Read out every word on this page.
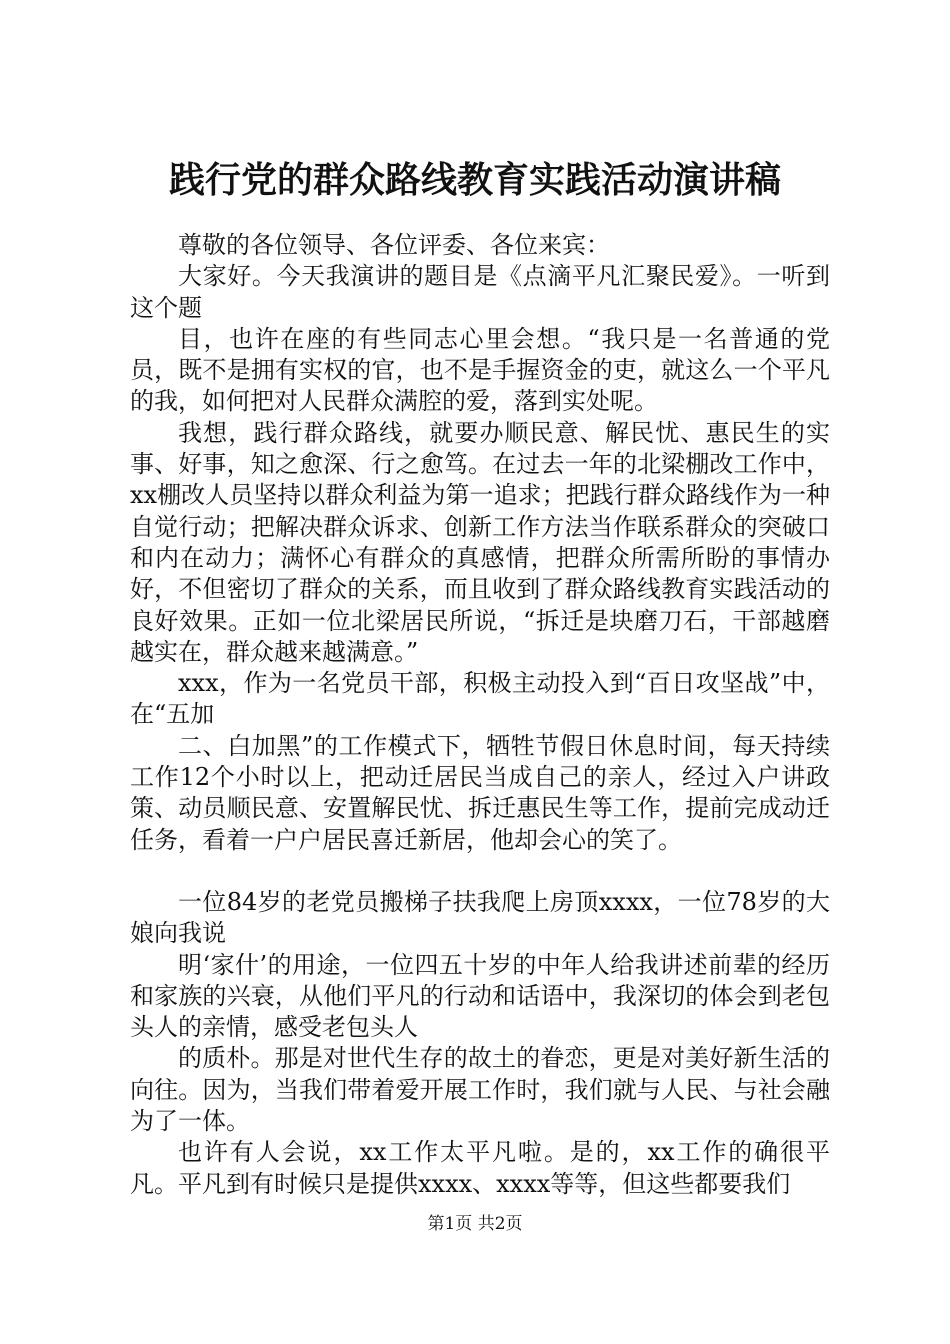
践行党的群众路线教育实践活动演讲稿

尊敬的各位领导、各位评委、各位来宾：

大家好。今天我演讲的题目是《点滴平凡汇聚民爱》。一听到这个题

目，也许在座的有些同志心里会想。“我只是一名普通的党员，既不是拥有实权的官，也不是手握资金的吏，就这么一个平凡的我，如何把对人民群众满腔的爱，落到实处呢。

我想，践行群众路线，就要办顺民意、解民忧、惠民生的实事、好事，知之愈深、行之愈笃。在过去一年的北梁棚改工作中，xx棚改人员坚持以群众利益为第一追求；把践行群众路线作为一种自觉行动；把解决群众诉求、创新工作方法当作联系群众的突破口和内在动力；满怀心有群众的真感情，把群众所需所盼的事情办好，不但密切了群众的关系，而且收到了群众路线教育实践活动的良好效果。正如一位北梁居民所说，“拆迁是块磨刀石，干部越磨越实在，群众越来越满意。”

xxx，作为一名党员干部，积极主动投入到“百日攻坚战”中，在“五加

二、白加黑”的工作模式下，牺牲节假日休息时间，每天持续工作12个小时以上，把动迁居民当成自己的亲人，经过入户讲政策、动员顺民意、安置解民忧、拆迁惠民生等工作，提前完成动迁任务，看着一户户居民喜迁新居，他却会心的笑了。

一位84岁的老党员搬梯子扶我爬上房顶xxxx，一位78岁的大娘向我说

明‘家什’的用途，一位四五十岁的中年人给我讲述前辈的经历和家族的兴衰，从他们平凡的行动和话语中，我深切的体会到老包头人的亲情，感受老包头人

的质朴。那是对世代生存的故土的眷恋，更是对美好新生活的向往。因为，当我们带着爱开展工作时，我们就与人民、与社会融为了一体。

也许有人会说，xx工作太平凡啦。是的，xx工作的确很平凡。平凡到有时候只是提供xxxx、xxxx等等，但这些都要我们

第1页 共2页
